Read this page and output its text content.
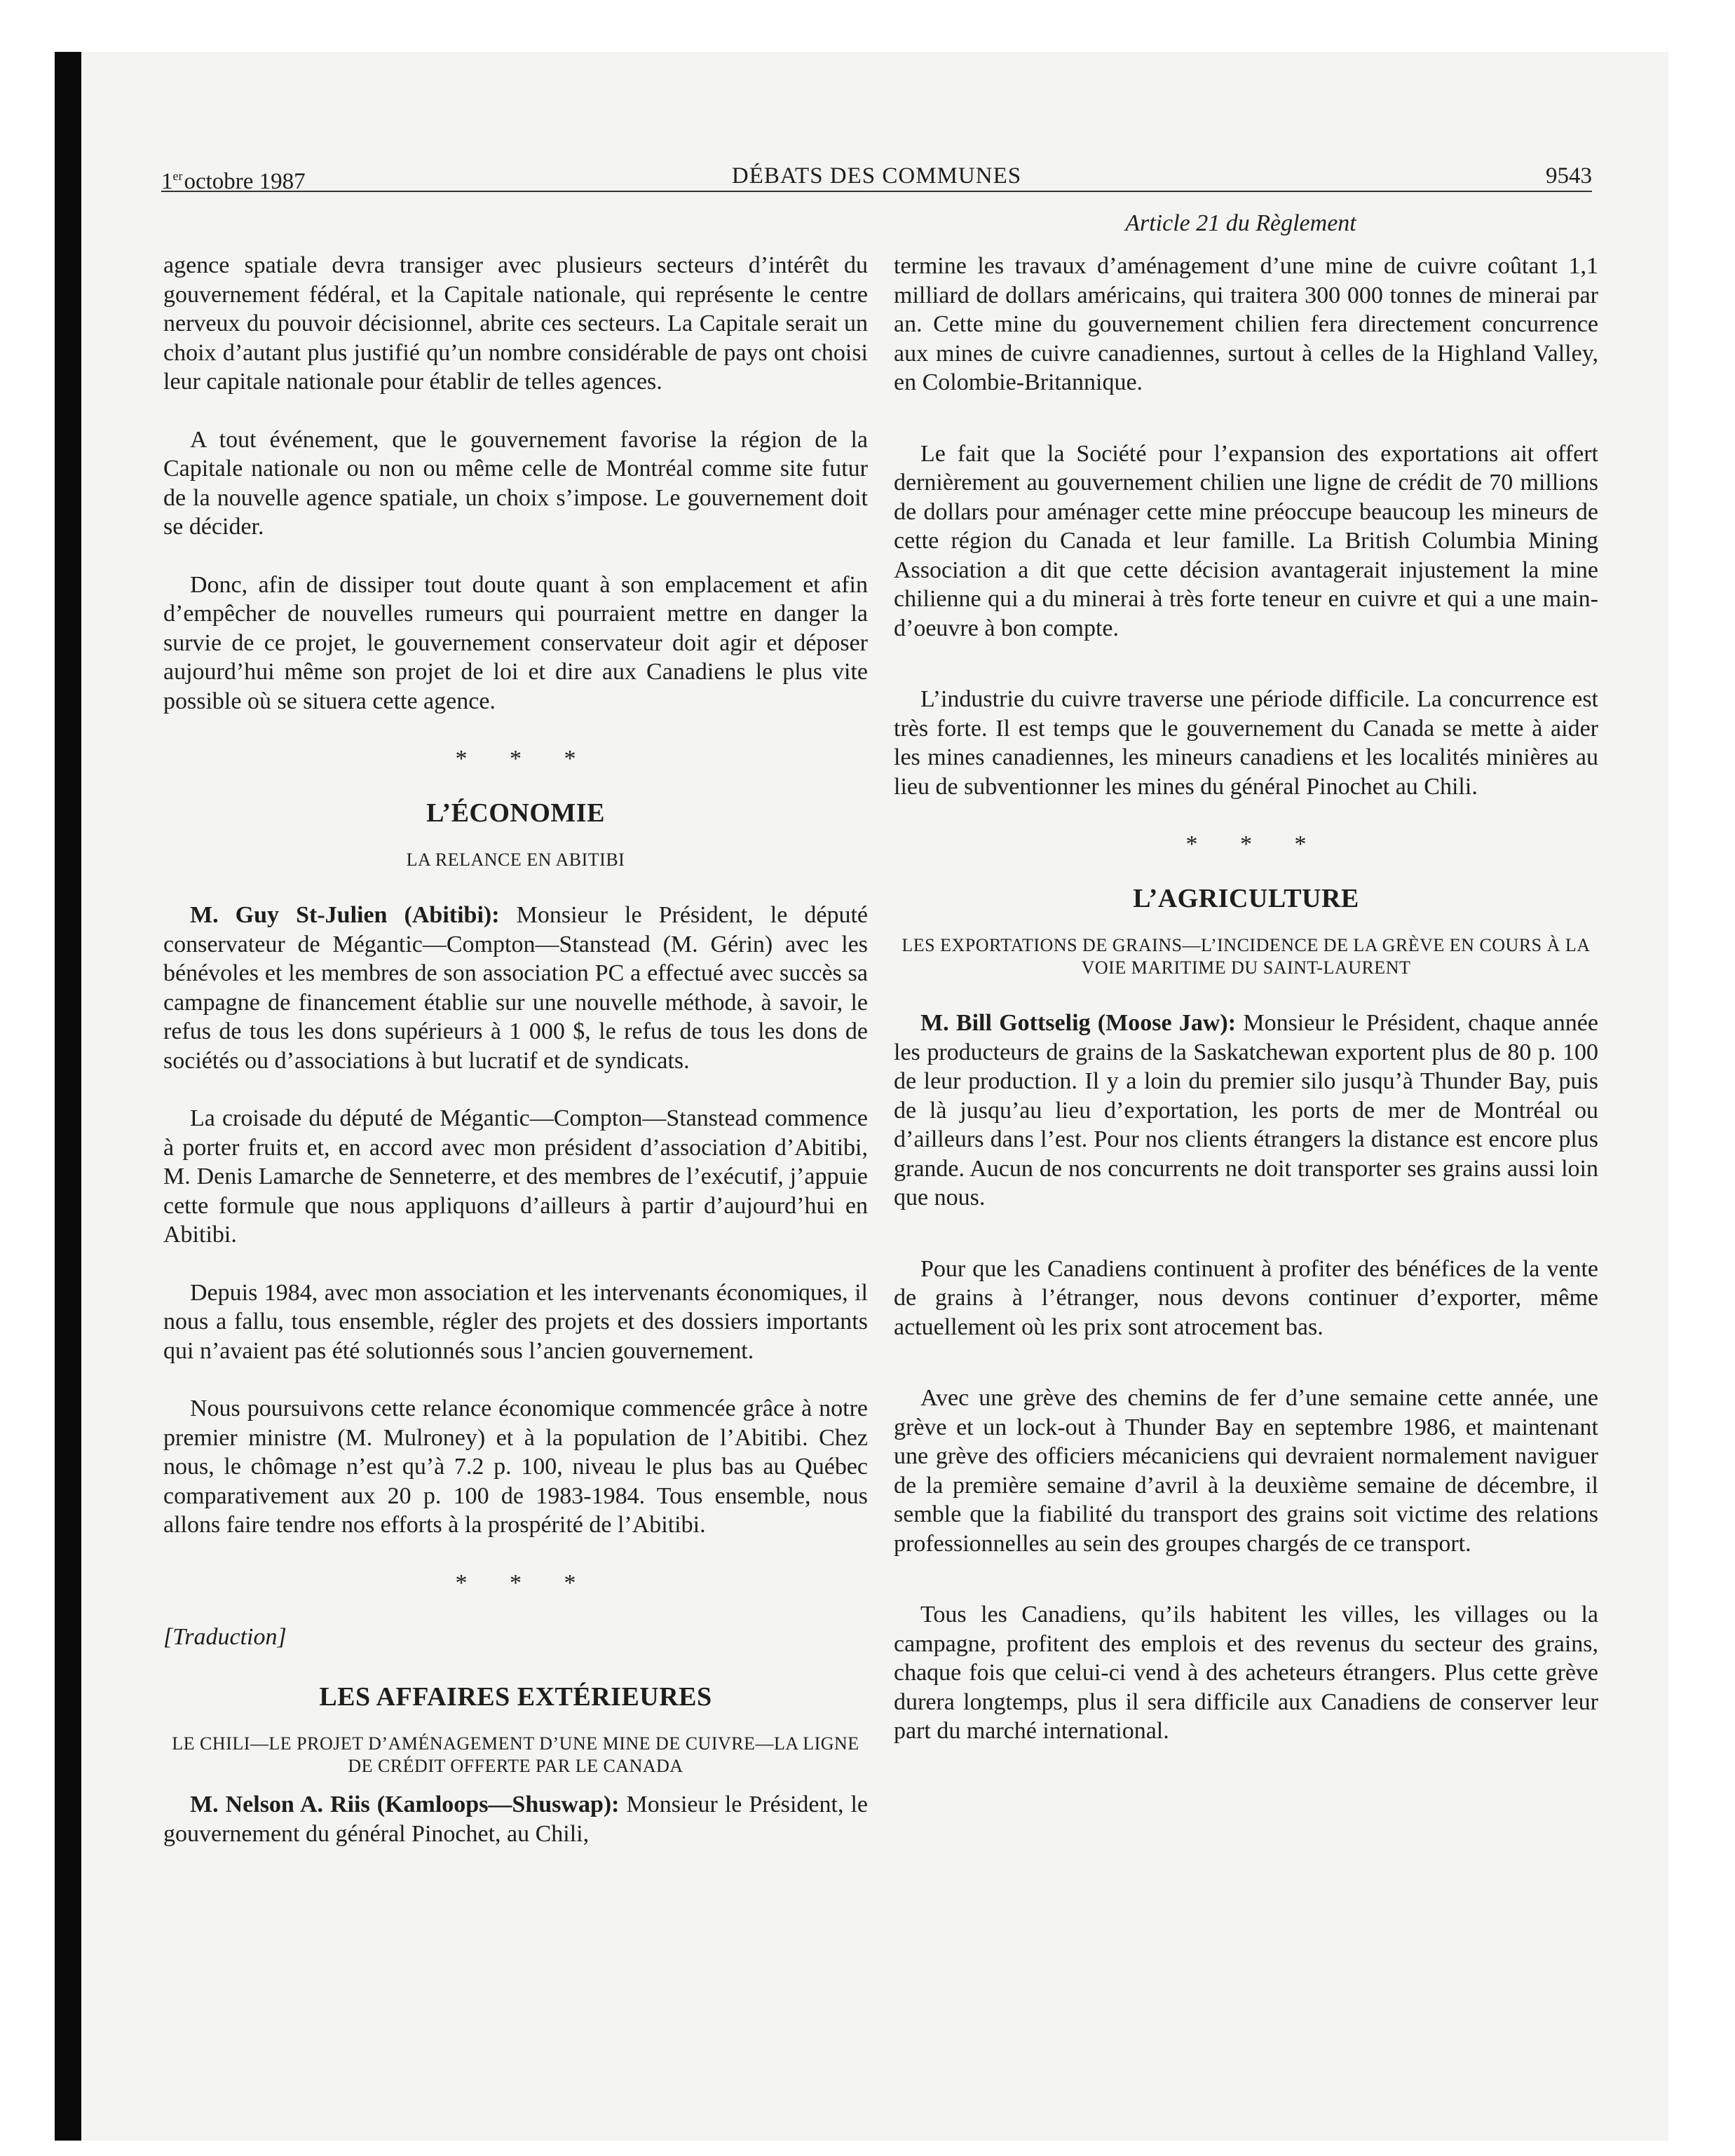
1eroctobre 1987	DÉBATS DES COMMUNES	9543
Article 21 du Règlement

agence spatiale devra transiger avec plusieurs secteurs d’intérêt du gouvernement fédéral, et la Capitale nationale, qui représente le centre nerveux du pouvoir décisionnel, abrite ces secteurs. La Capitale serait un choix d’autant plus justifié qu’un nombre considérable de pays ont choisi leur capitale nationale pour établir de telles agences.

A tout événement, que le gouvernement favorise la région de la Capitale nationale ou non ou même celle de Montréal comme site futur de la nouvelle agence spatiale, un choix s’impose. Le gouvernement doit se décider.

Donc, afin de dissiper tout doute quant à son emplacement et afin d’empêcher de nouvelles rumeurs qui pourraient mettre en danger la survie de ce projet, le gouvernement conservateur doit agir et déposer aujourd’hui même son projet de loi et dire aux Canadiens le plus vite possible où se situera cette agence.

* * *
L’ÉCONOMIE
LA RELANCE EN ABITIBI

M. Guy St-Julien (Abitibi): Monsieur le Président, le député conservateur de Mégantic—Compton—Stanstead (M. Gérin) avec les bénévoles et les membres de son association PC a effectué avec succès sa campagne de financement établie sur une nouvelle méthode, à savoir, le refus de tous les dons supérieurs à 1 000 $, le refus de tous les dons de sociétés ou d’associations à but lucratif et de syndicats.

La croisade du député de Mégantic—Compton—Stanstead commence à porter fruits et, en accord avec mon président d’association d’Abitibi, M. Denis Lamarche de Senneterre, et des membres de l’exécutif, j’appuie cette formule que nous appliquons d’ailleurs à partir d’aujourd’hui en Abitibi.

Depuis 1984, avec mon association et les intervenants économiques, il nous a fallu, tous ensemble, régler des projets et des dossiers importants qui n’avaient pas été solutionnés sous l’ancien gouvernement.

Nous poursuivons cette relance économique commencée grâce à notre premier ministre (M. Mulroney) et à la population de l’Abitibi. Chez nous, le chômage n’est qu’à 7.2 p. 100, niveau le plus bas au Québec comparativement aux 20 p. 100 de 1983-1984. Tous ensemble, nous allons faire tendre nos efforts à la prospérité de l’Abitibi.

* * *
[Traduction]
LES AFFAIRES EXTÉRIEURES
LE CHILI—LE PROJET D’AMÉNAGEMENT D’UNE MINE DE CUIVRE—LA LIGNE DE CRÉDIT OFFERTE PAR LE CANADA

M. Nelson A. Riis (Kamloops—Shuswap): Monsieur le Président, le gouvernement du général Pinochet, au Chili,

termine les travaux d’aménagement d’une mine de cuivre coûtant 1,1 milliard de dollars américains, qui traitera 300 000 tonnes de minerai par an. Cette mine du gouvernement chilien fera directement concurrence aux mines de cuivre canadiennes, surtout à celles de la Highland Valley, en Colombie-Britannique.

Le fait que la Société pour l’expansion des exportations ait offert dernièrement au gouvernement chilien une ligne de crédit de 70 millions de dollars pour aménager cette mine préoccupe beaucoup les mineurs de cette région du Canada et leur famille. La British Columbia Mining Association a dit que cette décision avantagerait injustement la mine chilienne qui a du minerai à très forte teneur en cuivre et qui a une main-d’oeuvre à bon compte.

L’industrie du cuivre traverse une période difficile. La concurrence est très forte. Il est temps que le gouvernement du Canada se mette à aider les mines canadiennes, les mineurs canadiens et les localités minières au lieu de subventionner les mines du général Pinochet au Chili.

* * *
L’AGRICULTURE
LES EXPORTATIONS DE GRAINS—L’INCIDENCE DE LA GRÈVE EN COURS À LA VOIE MARITIME DU SAINT-LAURENT

M. Bill Gottselig (Moose Jaw): Monsieur le Président, chaque année les producteurs de grains de la Saskatchewan exportent plus de 80 p. 100 de leur production. Il y a loin du premier silo jusqu’à Thunder Bay, puis de là jusqu’au lieu d’exportation, les ports de mer de Montréal ou d’ailleurs dans l’est. Pour nos clients étrangers la distance est encore plus grande. Aucun de nos concurrents ne doit transporter ses grains aussi loin que nous.

Pour que les Canadiens continuent à profiter des bénéfices de la vente de grains à l’étranger, nous devons continuer d’exporter, même actuellement où les prix sont atrocement bas.

Avec une grève des chemins de fer d’une semaine cette année, une grève et un lock-out à Thunder Bay en septembre 1986, et maintenant une grève des officiers mécaniciens qui devraient normalement naviguer de la première semaine d’avril à la deuxième semaine de décembre, il semble que la fiabilité du transport des grains soit victime des relations professionnelles au sein des groupes chargés de ce transport.

Tous les Canadiens, qu’ils habitent les villes, les villages ou la campagne, profitent des emplois et des revenus du secteur des grains, chaque fois que celui-ci vend à des acheteurs étrangers. Plus cette grève durera longtemps, plus il sera difficile aux Canadiens de conserver leur part du marché international.
